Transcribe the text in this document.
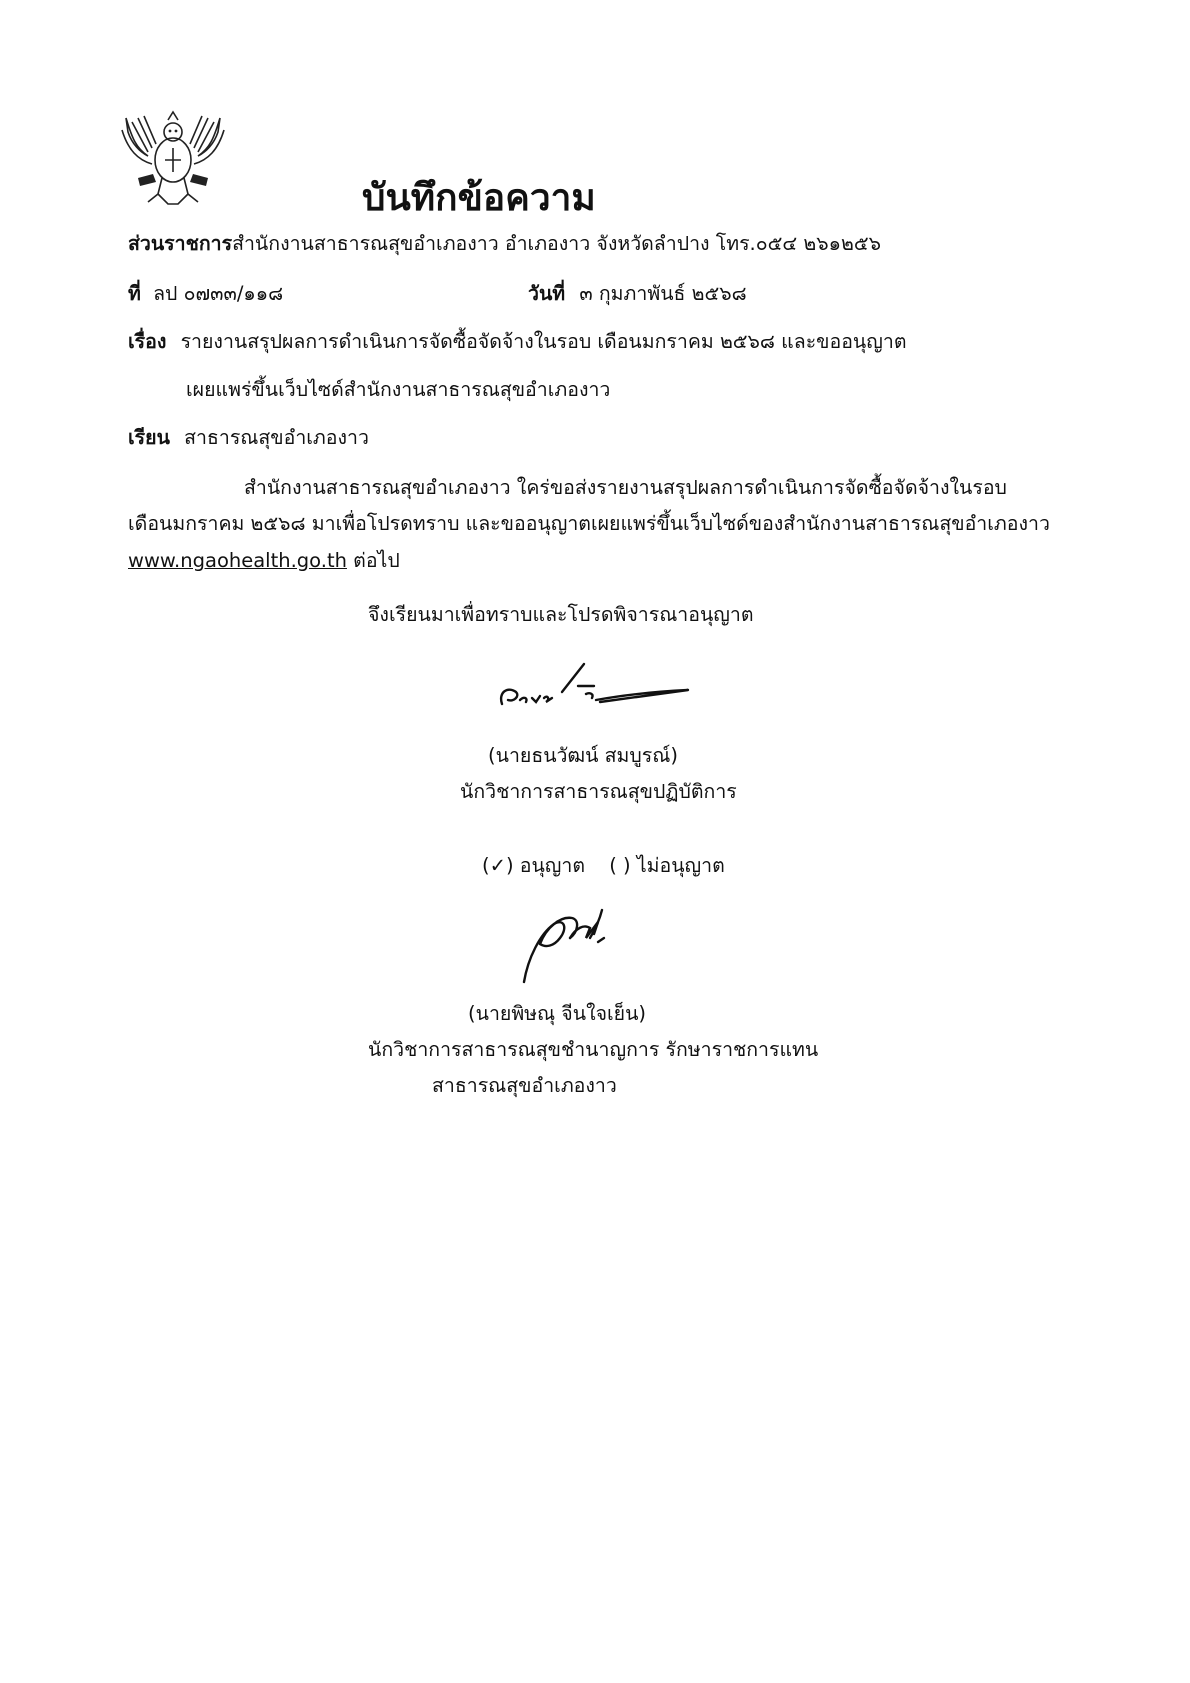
บันทึกข้อความ
ส่วนราชการสำนักงานสาธารณสุขอำเภองาว อำเภองาว จังหวัดลำปาง โทร.๐๕๔ ๒๖๑๒๕๖
ที่ ลป ๐๗๓๓/๑๑๘	วันที่ ๓ กุมภาพันธ์ ๒๕๖๘
เรื่อง รายงานสรุปผลการดำเนินการจัดซื้อจัดจ้างในรอบ เดือนมกราคม ๒๕๖๘ และขออนุญาต
เผยแพร่ขึ้นเว็บไซด์สำนักงานสาธารณสุขอำเภองาว
เรียน สาธารณสุขอำเภองาว
สำนักงานสาธารณสุขอำเภองาว ใคร่ขอส่งรายงานสรุปผลการดำเนินการจัดซื้อจัดจ้างในรอบ
เดือนมกราคม ๒๕๖๘ มาเพื่อโปรดทราบ และขออนุญาตเผยแพร่ขึ้นเว็บไซด์ของสำนักงานสาธารณสุขอำเภองาว
www.ngaohealth.go.th ต่อไป
จึงเรียนมาเพื่อทราบและโปรดพิจารณาอนุญาต
(นายธนวัฒน์ สมบูรณ์)
นักวิชาการสาธารณสุขปฏิบัติการ
(✓) อนุญาต ( ) ไม่อนุญาต
(นายพิษณุ จีนใจเย็น)
นักวิชาการสาธารณสุขชำนาญการ รักษาราชการแทน
สาธารณสุขอำเภองาว
